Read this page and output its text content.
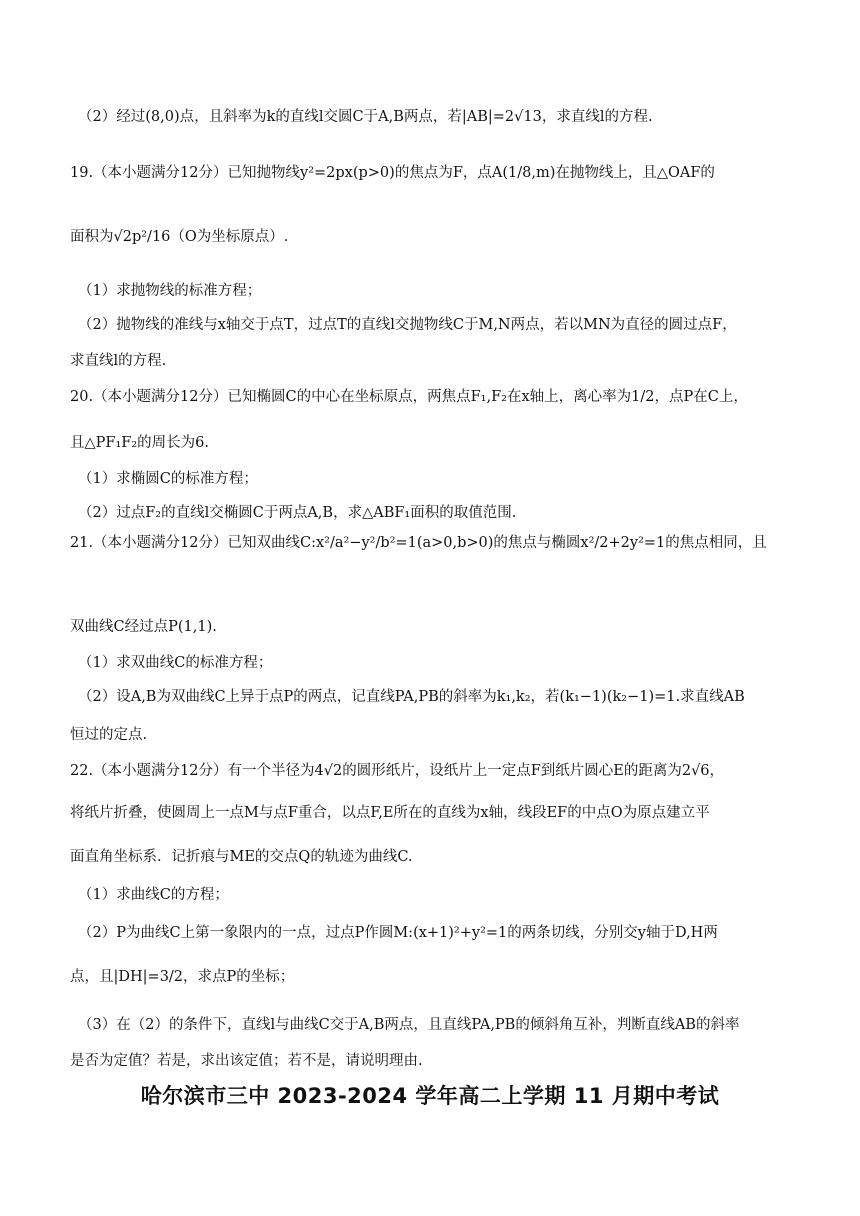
（2）经过(8,0)点，且斜率为k的直线l交圆C于A,B两点，若|AB|=2√13，求直线l的方程.
19.（本小题满分12分）已知抛物线y²=2px(p>0)的焦点为F，点A(1/8,m)在抛物线上，且△OAF的
面积为√2p²/16（O为坐标原点）.
（1）求抛物线的标准方程；
（2）抛物线的准线与x轴交于点T，过点T的直线l交抛物线C于M,N两点，若以MN为直径的圆过点F，
求直线l的方程.
20.（本小题满分12分）已知椭圆C的中心在坐标原点，两焦点F₁,F₂在x轴上，离心率为1/2，点P在C上，
且△PF₁F₂的周长为6.
（1）求椭圆C的标准方程；
（2）过点F₂的直线l交椭圆C于两点A,B，求△ABF₁面积的取值范围.
21.（本小题满分12分）已知双曲线C:x²/a²−y²/b²=1(a>0,b>0)的焦点与椭圆x²/2+2y²=1的焦点相同，且
双曲线C经过点P(1,1).
（1）求双曲线C的标准方程；
（2）设A,B为双曲线C上异于点P的两点，记直线PA,PB的斜率为k₁,k₂，若(k₁−1)(k₂−1)=1.求直线AB
恒过的定点.
22.（本小题满分12分）有一个半径为4√2的圆形纸片，设纸片上一定点F到纸片圆心E的距离为2√6，
将纸片折叠，使圆周上一点M与点F重合，以点F,E所在的直线为x轴，线段EF的中点O为原点建立平
面直角坐标系．记折痕与ME的交点Q的轨迹为曲线C.
（1）求曲线C的方程；
（2）P为曲线C上第一象限内的一点，过点P作圆M:(x+1)²+y²=1的两条切线，分别交y轴于D,H两
点，且|DH|=3/2，求点P的坐标；
（3）在（2）的条件下，直线l与曲线C交于A,B两点，且直线PA,PB的倾斜角互补，判断直线AB的斜率
是否为定值？若是，求出该定值；若不是，请说明理由.
哈尔滨市三中 2023-2024 学年高二上学期 11 月期中考试
